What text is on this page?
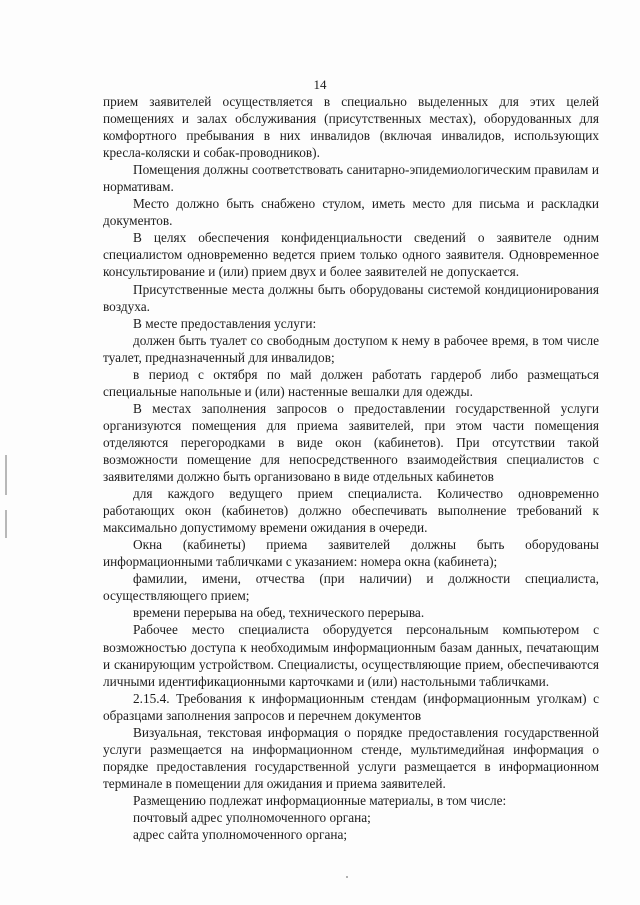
14

прием заявителей осуществляется в специально выделенных для этих целей помещениях и залах обслуживания (присутственных местах), оборудованных для комфортного пребывания в них инвалидов (включая инвалидов, использующих кресла-коляски и собак-проводников).

Помещения должны соответствовать санитарно-эпидемиологическим правилам и нормативам.

Место должно быть снабжено стулом, иметь место для письма и раскладки документов.

В целях обеспечения конфиденциальности сведений о заявителе одним специалистом одновременно ведется прием только одного заявителя. Одновременное консультирование и (или) прием двух и более заявителей не допускается.

Присутственные места должны быть оборудованы системой кондиционирования воздуха.

В месте предоставления услуги:

должен быть туалет со свободным доступом к нему в рабочее время, в том числе туалет, предназначенный для инвалидов;

в период с октября по май должен работать гардероб либо размещаться специальные напольные и (или) настенные вешалки для одежды.

В местах заполнения запросов о предоставлении государственной услуги организуются помещения для приема заявителей, при этом части помещения отделяются перегородками в виде окон (кабинетов). При отсутствии такой возможности помещение для непосредственного взаимодействия специалистов с заявителями должно быть организовано в виде отдельных кабинетов

для каждого ведущего прием специалиста. Количество одновременно работающих окон (кабинетов) должно обеспечивать выполнение требований к максимально допустимому времени ожидания в очереди.

Окна (кабинеты) приема заявителей должны быть оборудованы информационными табличками с указанием: номера окна (кабинета);

фамилии, имени, отчества (при наличии) и должности специалиста, осуществляющего прием;

времени перерыва на обед, технического перерыва.

Рабочее место специалиста оборудуется персональным компьютером с возможностью доступа к необходимым информационным базам данных, печатающим и сканирующим устройством. Специалисты, осуществляющие прием, обеспечиваются личными идентификационными карточками и (или) настольными табличками.

2.15.4. Требования к информационным стендам (информационным уголкам) с образцами заполнения запросов и перечнем документов

Визуальная, текстовая информация о порядке предоставления государственной услуги размещается на информационном стенде, мультимедийная информация о порядке предоставления государственной услуги размещается в информационном терминале в помещении для ожидания и приема заявителей.

Размещению подлежат информационные материалы, в том числе:

почтовый адрес уполномоченного органа;

адрес сайта уполномоченного органа;
